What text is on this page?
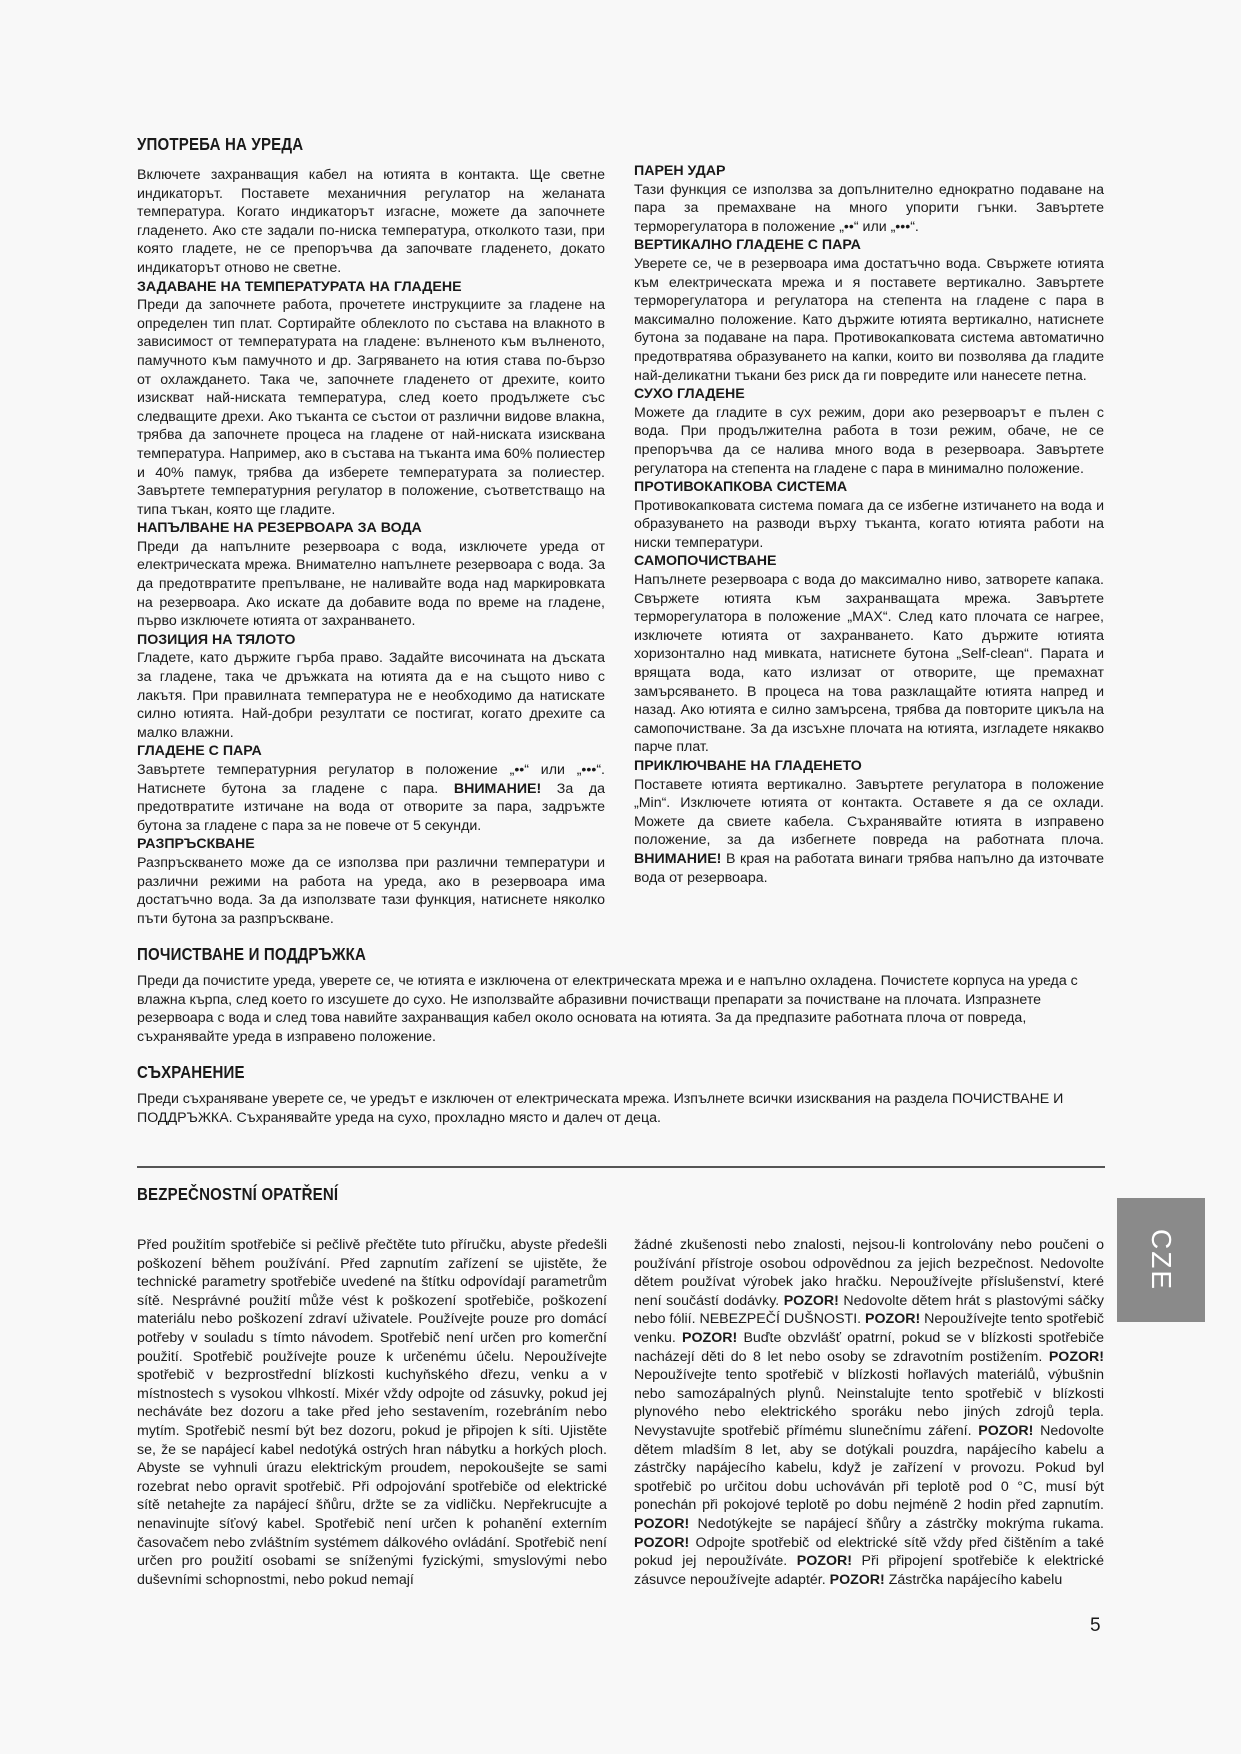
УПОТРЕБА НА УРЕДА

Включете захранващия кабел на ютията в контакта. Ще светне индикаторът. Поставете механичния регулатор на желаната температура. Когато индикаторът изгасне, можете да започнете гладенето. Ако сте задали по-ниска температура, отколкото тази, при която гладете, не се препоръчва да започвате гладенето, докато индикаторът отново не светне.

ЗАДАВАНЕ НА ТЕМПЕРАТУРАТА НА ГЛАДЕНЕ

Преди да започнете работа, прочетете инструкциите за гладене на определен тип плат. Сортирайте облеклото по състава на влакното в зависимост от температурата на гладене: вълненото към вълненото, памучното към памучното и др. Загряването на ютия става по-бързо от охлаждането. Така че, започнете гладенето от дрехите, които изискват най-ниската температура, след което продължете със следващите дрехи. Ако тъканта се състои от различни видове влакна, трябва да започнете процеса на гладене от най-ниската изисквана температура. Например, ако в състава на тъканта има 60% полиестер и 40% памук, трябва да изберете температурата за полиестер. Завъртете температурния регулатор в положение, съответстващо на типа тъкан, която ще гладите.

НАПЪЛВАНЕ НА РЕЗЕРВОАРА ЗА ВОДА

Преди да напълните резервоара с вода, изключете уреда от електрическата мрежа. Внимателно напълнете резервоара с вода. За да предотвратите препълване, не наливайте вода над маркировката на резервоара. Ако искате да добавите вода по време на гладене, първо изключете ютията от захранването.

ПОЗИЦИЯ НА ТЯЛОТО

Гладете, като държите гърба право. Задайте височината на дъската за гладене, така че дръжката на ютията да е на същото ниво с лакътя. При правилната температура не е необходимо да натискате силно ютията. Най-добри резултати се постигат, когато дрехите са малко влажни.

ГЛАДЕНЕ С ПАРА

Завъртете температурния регулатор в положение „••“ или „•••“. Натиснете бутона за гладене с пара. ВНИМАНИЕ! За да предотвратите изтичане на вода от отворите за пара, задръжте бутона за гладене с пара за не повече от 5 секунди.

РАЗПРЪСКВАНЕ

Разпръскването може да се използва при различни температури и различни режими на работа на уреда, ако в резервоара има достатъчно вода. За да използвате тази функция, натиснете няколко пъти бутона за разпръскване.

ПАРЕН УДАР

Тази функция се използва за допълнително еднократно подаване на пара за премахване на много упорити гънки. Завъртете терморегулатора в положение „••“ или „•••“.

ВЕРТИКАЛНО ГЛАДЕНЕ С ПАРА

Уверете се, че в резервоара има достатъчно вода. Свържете ютията към електрическата мрежа и я поставете вертикално. Завъртете терморегулатора и регулатора на степента на гладене с пара в максимално положение. Като държите ютията вертикално, натиснете бутона за подаване на пара. Противокапковата система автоматично предотвратява образуването на капки, които ви позволява да гладите най-деликатни тъкани без риск да ги повредите или нанесете петна.

СУХО ГЛАДЕНЕ

Можете да гладите в сух режим, дори ако резервоарът е пълен с вода. При продължителна работа в този режим, обаче, не се препоръчва да се налива много вода в резервоара. Завъртете регулатора на степента на гладене с пара в минимално положение.

ПРОТИВОКАПКОВА СИСТЕМА

Противокапковата система помага да се избегне изтичането на вода и образуването на разводи върху тъканта, когато ютията работи на ниски температури.

САМОПОЧИСТВАНЕ

Напълнете резервоара с вода до максимално ниво, затворете капака. Свържете ютията към захранващата мрежа. Завъртете терморегулатора в положение „MAX“. След като плочата се нагрее, изключете ютията от захранването. Като държите ютията хоризонтално над мивката, натиснете бутона „Self-clean“. Парата и врящата вода, като излизат от отворите, ще премахнат замърсяването. В процеса на това разклащайте ютията напред и назад. Ако ютията е силно замърсена, трябва да повторите цикъла на самопочистване. За да изсъхне плочата на ютията, изгладете някакво парче плат.

ПРИКЛЮЧВАНЕ НА ГЛАДЕНЕТО

Поставете ютията вертикално. Завъртете регулатора в положение „Min“. Изключете ютията от контакта. Оставете я да се охлади. Можете да свиете кабела. Съхранявайте ютията в изправено положение, за да избегнете повреда на работната плоча. ВНИМАНИЕ! В края на работата винаги трябва напълно да източвате вода от резервоара.

ПОЧИСТВАНЕ И ПОДДРЪЖКА

Преди да почистите уреда, уверете се, че ютията е изключена от електрическата мрежа и е напълно охладена. Почистете корпуса на уреда с влажна кърпа, след което го изсушете до сухо. Не използвайте абразивни почистващи препарати за почистване на плочата. Изпразнете резервоара с вода и след това навийте захранващия кабел около основата на ютията. За да предпазите работната плоча от повреда, съхранявайте уреда в изправено положение.

СЪХРАНЕНИЕ

Преди съхраняване уверете се, че уредът е изключен от електрическата мрежа. Изпълнете всички изисквания на раздела ПОЧИСТВАНЕ И ПОДДРЪЖКА. Съхранявайте уреда на сухо, прохладно място и далеч от деца.

BEZPEČNOSTNÍ OPATŘENÍ

Před použitím spotřebiče si pečlivě přečtěte tuto příručku, abyste předešli poškození během používání. Před zapnutím zařízení se ujistěte, že technické parametry spotřebiče uvedené na štítku odpovídají parametrům sítě. Nesprávné použití může vést k poškození spotřebiče, poškození materiálu nebo poškození zdraví uživatele. Používejte pouze pro domácí potřeby v souladu s tímto návodem. Spotřebič není určen pro komerční použití. Spotřebič používejte pouze k určenému účelu. Nepoužívejte spotřebič v bezprostřední blízkosti kuchyňského dřezu, venku a v místnostech s vysokou vlhkostí. Mixér vždy odpojte od zásuvky, pokud jej necháváte bez dozoru a take před jeho sestavením, rozebráním nebo mytím. Spotřebič nesmí být bez dozoru, pokud je připojen k síti. Ujistěte se, že se napájecí kabel nedotýká ostrých hran nábytku a horkých ploch. Abyste se vyhnuli úrazu elektrickým proudem, nepokoušejte se sami rozebrat nebo opravit spotřebič. Při odpojování spotřebiče od elektrické sítě netahejte za napájecí šňůru, držte se za vidličku. Nepřekrucujte a nenavinujte síťový kabel. Spotřebič není určen k pohanění externím časovačem nebo zvláštním systémem dálkového ovládání. Spotřebič není určen pro použití osobami se sníženými fyzickými, smyslovými nebo duševními schopnostmi, nebo pokud nemají

žádné zkušenosti nebo znalosti, nejsou-li kontrolovány nebo poučeni o používání přístroje osobou odpovědnou za jejich bezpečnost. Nedovolte dětem používat výrobek jako hračku. Nepoužívejte příslušenství, které není součástí dodávky. POZOR! Nedovolte dětem hrát s plastovými sáčky nebo fólií. NEBEZPEČÍ DUŠNOSTI. POZOR! Nepoužívejte tento spotřebič venku. POZOR! Buďte obzvlášť opatrní, pokud se v blízkosti spotřebiče nacházejí děti do 8 let nebo osoby se zdravotním postižením. POZOR! Nepoužívejte tento spotřebič v blízkosti hořlavých materiálů, výbušnin nebo samozápalných plynů. Neinstalujte tento spotřebič v blízkosti plynového nebo elektrického sporáku nebo jiných zdrojů tepla. Nevystavujte spotřebič přímému slunečnímu záření. POZOR! Nedovolte dětem mladším 8 let, aby se dotýkali pouzdra, napájecího kabelu a zástrčky napájecího kabelu, když je zařízení v provozu. Pokud byl spotřebič po určitou dobu uchováván při teplotě pod 0 °C, musí být ponechán při pokojové teplotě po dobu nejméně 2 hodin před zapnutím. POZOR! Nedotýkejte se napájecí šňůry a zástrčky mokrýma rukama. POZOR! Odpojte spotřebič od elektrické sítě vždy před čištěním a také pokud jej nepoužíváte. POZOR! Při připojení spotřebiče k elektrické zásuvce nepoužívejte adaptér. POZOR! Zástrčka napájecího kabelu

CZE
5
